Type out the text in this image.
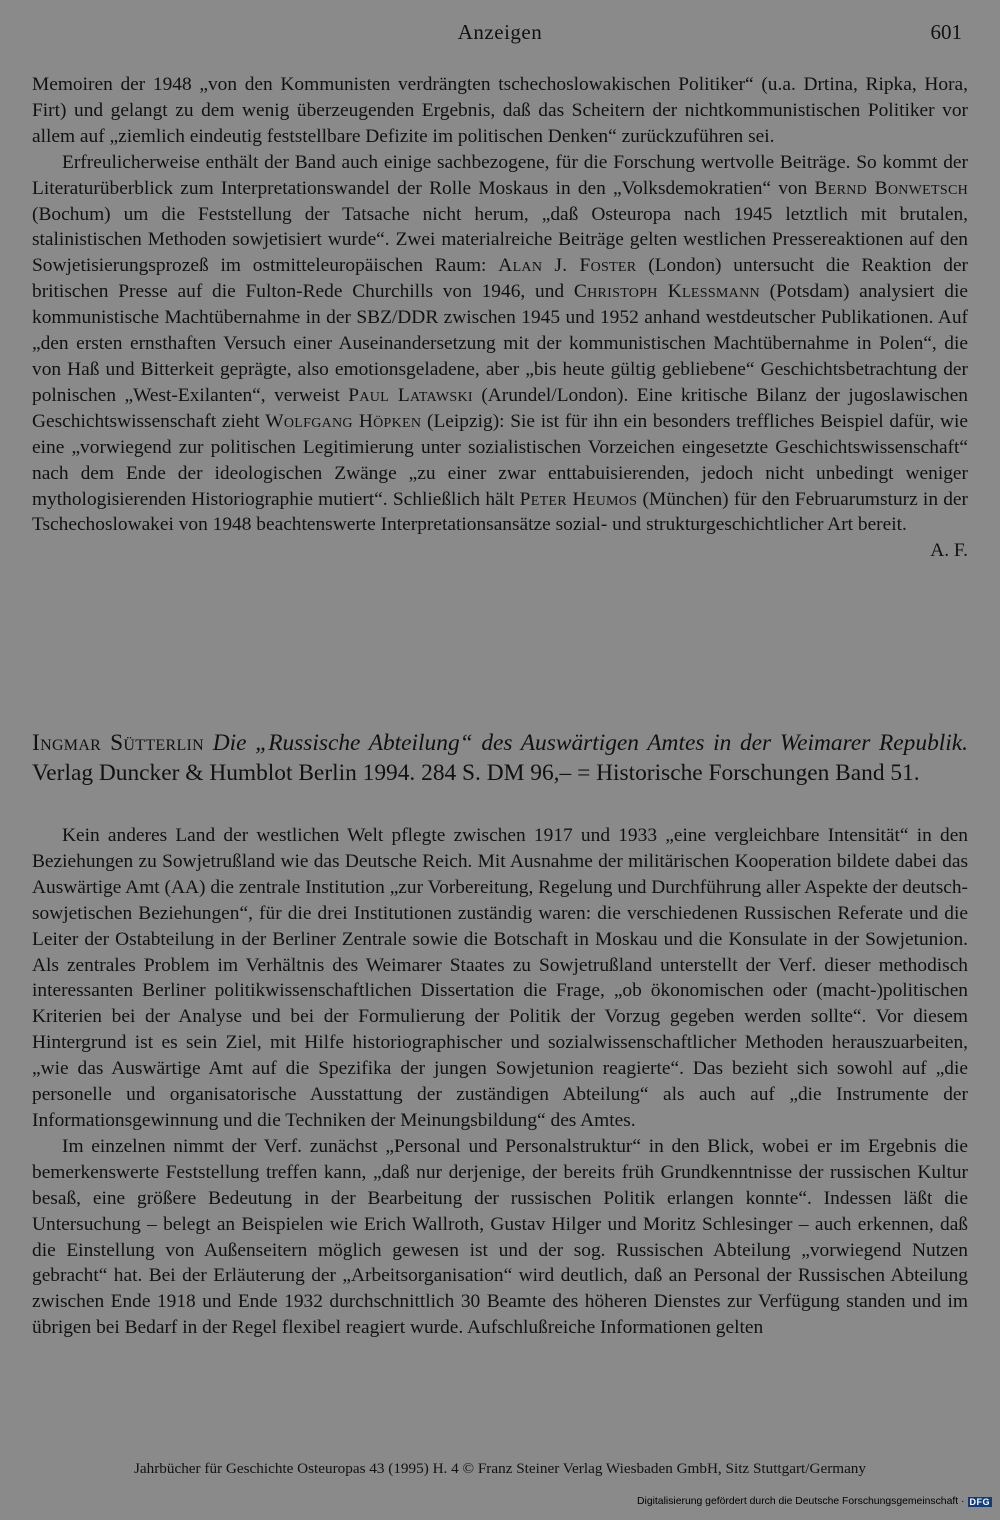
Anzeigen	601

Memoiren der 1948 „von den Kommunisten verdrängten tschechoslowakischen Politiker“ (u.a. Drtina, Ripka, Hora, Firt) und gelangt zu dem wenig überzeugenden Ergebnis, daß das Scheitern der nichtkommunistischen Politiker vor allem auf „ziemlich eindeutig feststellbare Defizite im politischen Denken“ zurückzuführen sei.

Erfreulicherweise enthält der Band auch einige sachbezogene, für die Forschung wertvolle Beiträge. So kommt der Literaturüberblick zum Interpretationswandel der Rolle Moskaus in den „Volksdemokratien“ von Bernd Bonwetsch (Bochum) um die Feststellung der Tatsache nicht herum, „daß Osteuropa nach 1945 letztlich mit brutalen, stalinistischen Methoden sowjetisiert wurde“. Zwei materialreiche Beiträge gelten westlichen Pressereaktionen auf den Sowjetisierungsprozeß im ostmitteleuropäischen Raum: Alan J. Foster (London) untersucht die Reaktion der britischen Presse auf die Fulton-Rede Churchills von 1946, und Christoph Klessmann (Potsdam) analysiert die kommunistische Machtübernahme in der SBZ/DDR zwischen 1945 und 1952 anhand westdeutscher Publikationen. Auf „den ersten ernsthaften Versuch einer Auseinandersetzung mit der kommunistischen Machtübernahme in Polen“, die von Haß und Bitterkeit geprägte, also emotionsgeladene, aber „bis heute gültig gebliebene“ Geschichtsbetrachtung der polnischen „West-Exilanten“, verweist Paul Latawski (Arundel/London). Eine kritische Bilanz der jugoslawischen Geschichtswissenschaft zieht Wolfgang Höpken (Leipzig): Sie ist für ihn ein besonders treffliches Beispiel dafür, wie eine „vorwiegend zur politischen Legitimierung unter sozialistischen Vorzeichen eingesetzte Geschichtswissenschaft“ nach dem Ende der ideologischen Zwänge „zu einer zwar enttabuisierenden, jedoch nicht unbedingt weniger mythologisierenden Historiographie mutiert“. Schließlich hält Peter Heumos (München) für den Februarumsturz in der Tschechoslowakei von 1948 beachtenswerte Interpretationsansätze sozial- und strukturgeschichtlicher Art bereit.

A. F.
Ingmar Sütterlin Die „Russische Abteilung“ des Auswärtigen Amtes in der Weimarer Republik. Verlag Duncker & Humblot Berlin 1994. 284 S. DM 96,– = Historische Forschungen Band 51.

Kein anderes Land der westlichen Welt pflegte zwischen 1917 und 1933 „eine vergleichbare Intensität“ in den Beziehungen zu Sowjetrußland wie das Deutsche Reich. Mit Ausnahme der militärischen Kooperation bildete dabei das Auswärtige Amt (AA) die zentrale Institution „zur Vorbereitung, Regelung und Durchführung aller Aspekte der deutsch-sowjetischen Beziehungen“, für die drei Institutionen zuständig waren: die verschiedenen Russischen Referate und die Leiter der Ostabteilung in der Berliner Zentrale sowie die Botschaft in Moskau und die Konsulate in der Sowjetunion. Als zentrales Problem im Verhältnis des Weimarer Staates zu Sowjetrußland unterstellt der Verf. dieser methodisch interessanten Berliner politikwissenschaftlichen Dissertation die Frage, „ob ökonomischen oder (macht-)politischen Kriterien bei der Analyse und bei der Formulierung der Politik der Vorzug gegeben werden sollte“. Vor diesem Hintergrund ist es sein Ziel, mit Hilfe historiographischer und sozialwissenschaftlicher Methoden herauszuarbeiten, „wie das Auswärtige Amt auf die Spezifika der jungen Sowjetunion reagierte“. Das bezieht sich sowohl auf „die personelle und organisatorische Ausstattung der zuständigen Abteilung“ als auch auf „die Instrumente der Informationsgewinnung und die Techniken der Meinungsbildung“ des Amtes.

Im einzelnen nimmt der Verf. zunächst „Personal und Personalstruktur“ in den Blick, wobei er im Ergebnis die bemerkenswerte Feststellung treffen kann, „daß nur derjenige, der bereits früh Grundkenntnisse der russischen Kultur besaß, eine größere Bedeutung in der Bearbeitung der russischen Politik erlangen konnte“. Indessen läßt die Untersuchung – belegt an Beispielen wie Erich Wallroth, Gustav Hilger und Moritz Schlesinger – auch erkennen, daß die Einstellung von Außenseitern möglich gewesen ist und der sog. Russischen Abteilung „vorwiegend Nutzen gebracht“ hat. Bei der Erläuterung der „Arbeitsorganisation“ wird deutlich, daß an Personal der Russischen Abteilung zwischen Ende 1918 und Ende 1932 durchschnittlich 30 Beamte des höheren Dienstes zur Verfügung standen und im übrigen bei Bedarf in der Regel flexibel reagiert wurde. Aufschlußreiche Informationen gelten

Jahrbücher für Geschichte Osteuropas 43 (1995) H. 4 © Franz Steiner Verlag Wiesbaden GmbH, Sitz Stuttgart/Germany
Digitalisierung gefördert durch die Deutsche Forschungsgemeinschaft · DFG
